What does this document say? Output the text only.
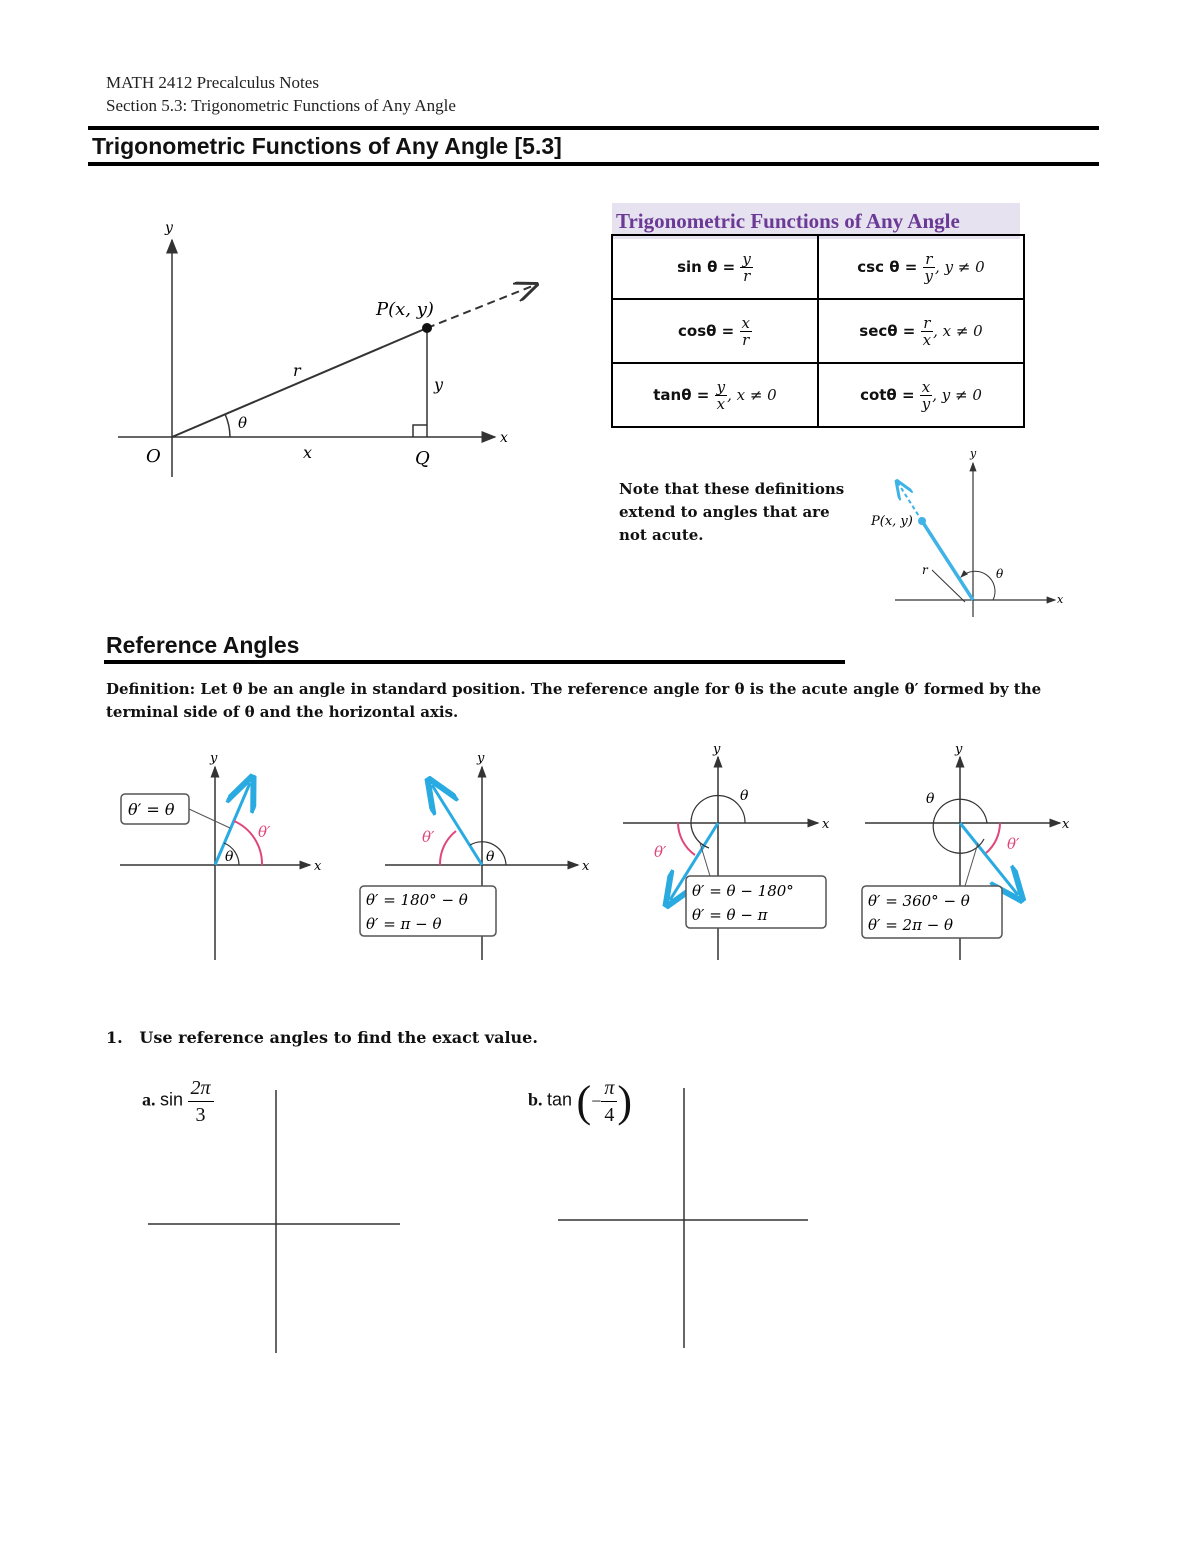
MATH 2412 Precalculus Notes
Section 5.3: Trigonometric Functions of Any Angle
Trigonometric Functions of Any Angle [5.3]
y
x
O	Q
P(x, y)
r
θ
x
y
Trigonometric Functions of Any Angle
$\sin \theta = \frac{y}{r}$	$\csc \theta = \frac{r}{y}$ , y ≠ 0
$\cos\theta = \frac{x}{r}$	$\sec\theta = \frac{r}{x}$ , x ≠ 0
$\tan\theta = \frac{y}{x}$ , x ≠ 0	$\cot\theta = \frac{x}{y}$ , y ≠ 0
Note that these definitions
extend to angles that are
not acute.
y
x
P(x, y)
r	θ
Reference Angles
Definition: Let θ be an angle in standard position. The reference angle for θ is the acute angle θ′ formed by the terminal side of θ and the horizontal axis.
θ′
θ
y
x
θ′ = θ
θ′
θ
y
x
θ′ = 180° − θ
θ′ = π − θ
θ
θ′
y
x
θ′ = θ − 180°
θ′ = θ − π
θ
θ′
y
x
θ′ = 360° − θ
θ′ = 2π − θ
1. Use reference angles to find the exact value.
a. $\sin \frac{2\pi}{3}$	b. tan (− $\frac{\pi}{4}$ )
